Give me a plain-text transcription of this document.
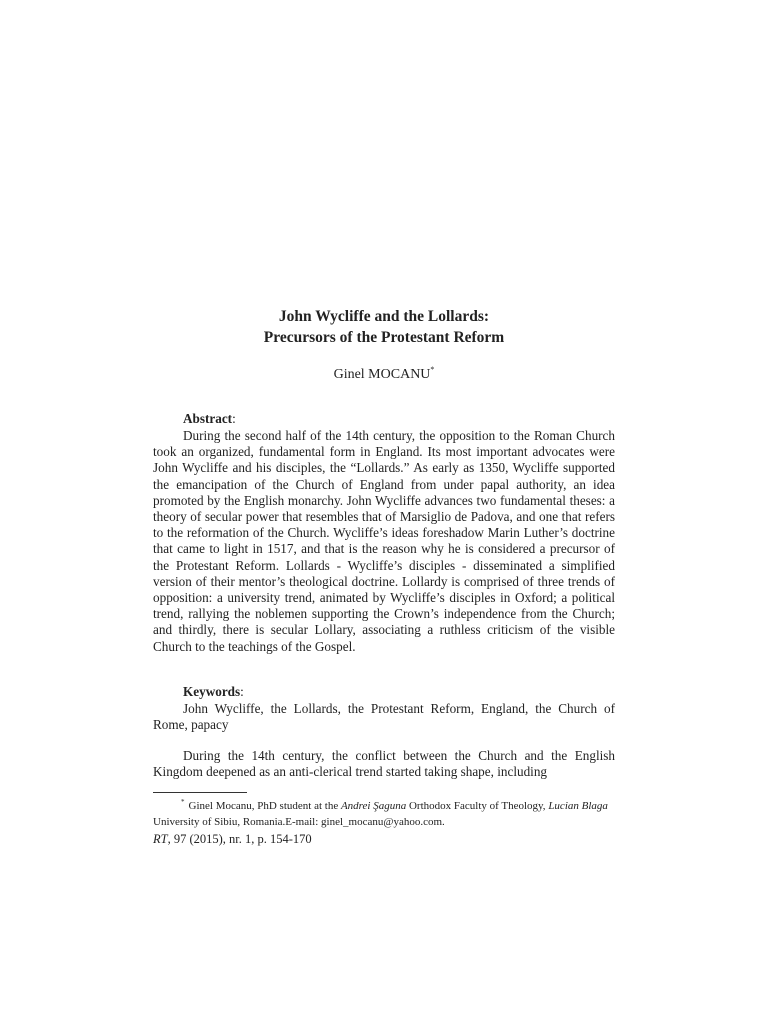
John Wycliffe and the Lollards:

Precursors of the Protestant Reform

Ginel MOCANU*

Abstract:

During the second half of the 14th century, the opposition to the Roman Church took an organized, fundamental form in England. Its most important advocates were John Wycliffe and his disciples, the “Lollards.” As early as 1350, Wycliffe supported the emancipation of the Church of England from under papal authority, an idea promoted by the English monarchy. John Wycliffe advances two fundamental theses: a theory of secular power that resembles that of Marsiglio de Padova, and one that refers to the reformation of the Church. Wycliffe’s ideas foreshadow Marin Luther’s doctrine that came to light in 1517, and that is the reason why he is considered a precursor of the Protestant Reform. Lollards - Wycliffe’s disciples - disseminated a simplified version of their mentor’s theological doctrine. Lollardy is comprised of three trends of opposition: a university trend, animated by Wycliffe’s disciples in Oxford; a political trend, rallying the noblemen supporting the Crown’s independence from the Church; and thirdly, there is secular Lollary, associating a ruthless criticism of the visible Church to the teachings of the Gospel.

Keywords:

John Wycliffe, the Lollards, the Protestant Reform, England, the Church of Rome, papacy

During the 14th century, the conflict between the Church and the English Kingdom deepened as an anti-clerical trend started taking shape, including

* Ginel Mocanu, PhD student at the Andrei Şaguna Orthodox Faculty of Theology, Lucian Blaga University of Sibiu, Romania.E-mail: ginel_mocanu@yahoo.com.

RT, 97 (2015), nr. 1, p. 154-170
